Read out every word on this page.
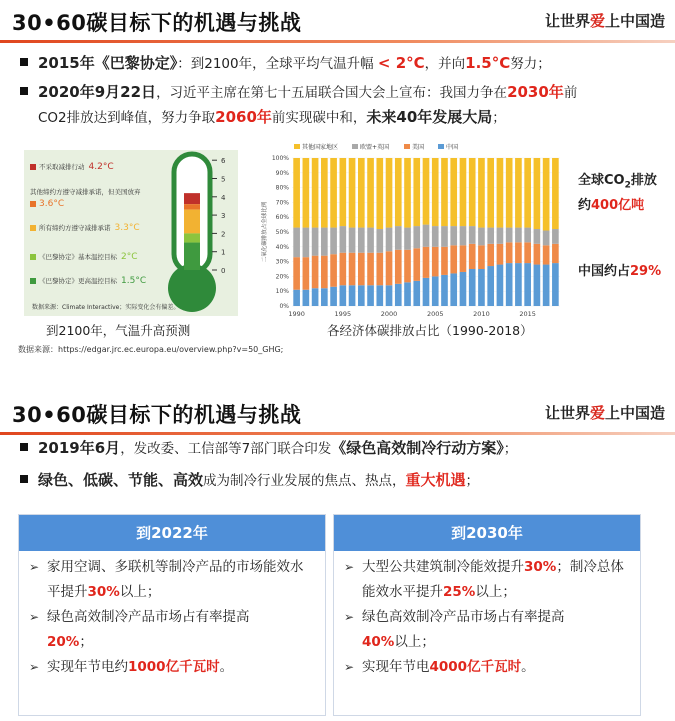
30•60碳目标下的机遇与挑战	让世界爱上中国造
2015年《巴黎协定》：到2100年，全球平均气温升幅 < 2°C，并向1.5°C努力；
2020年9月22日，习近平主席在第七十五届联合国大会上宣布：我国力争在2030年前
CO2排放达到峰值，努力争取2060年前实现碳中和，未来40年发展大局；
6
5
4
3
2
1
0
不采取减排行动 4.2°C
其他缔约方遵守减排承诺，但美国放弃
3.6°C
所有缔约方遵守减排承诺 3.3°C
《巴黎协定》基本温控目标 2°C
《巴黎协定》更高温控目标 1.5°C
数据来源：Climate Interactive；实际变化会有偏差。
到2100年，气温升高预测
其他国家地区	欧盟+英国	美国	中国
0%
10%
20%
30%
40%
50%
60%
70%
80%
90%
100%
二氧化碳排放占全球比例
1990	1995	2000	2005	2010	2015
各经济体碳排放占比（1990-2018）
全球$CO_2$排放
约400亿吨
中国约占29%
数据来源：https://edgar.jrc.ec.europa.eu/overview.php?v=50_GHG;
30•60碳目标下的机遇与挑战	让世界爱上中国造
2019年6月，发改委、工信部等7部门联合印发《绿色高效制冷行动方案》；
绿色、低碳、节能、高效成为制冷行业发展的焦点、热点，重大机遇；
到2022年
➢ 家用空调、多联机等制冷产品的市场能效水平提升30%以上；
➢ 绿色高效制冷产品市场占有率提高
20%；
➢ 实现年节电约1000亿千瓦时。
到2030年
➢ 大型公共建筑制冷能效提升30%；制冷总体能效水平提升25%以上；
➢ 绿色高效制冷产品市场占有率提高
40%以上；
➢ 实现年节电4000亿千瓦时。
